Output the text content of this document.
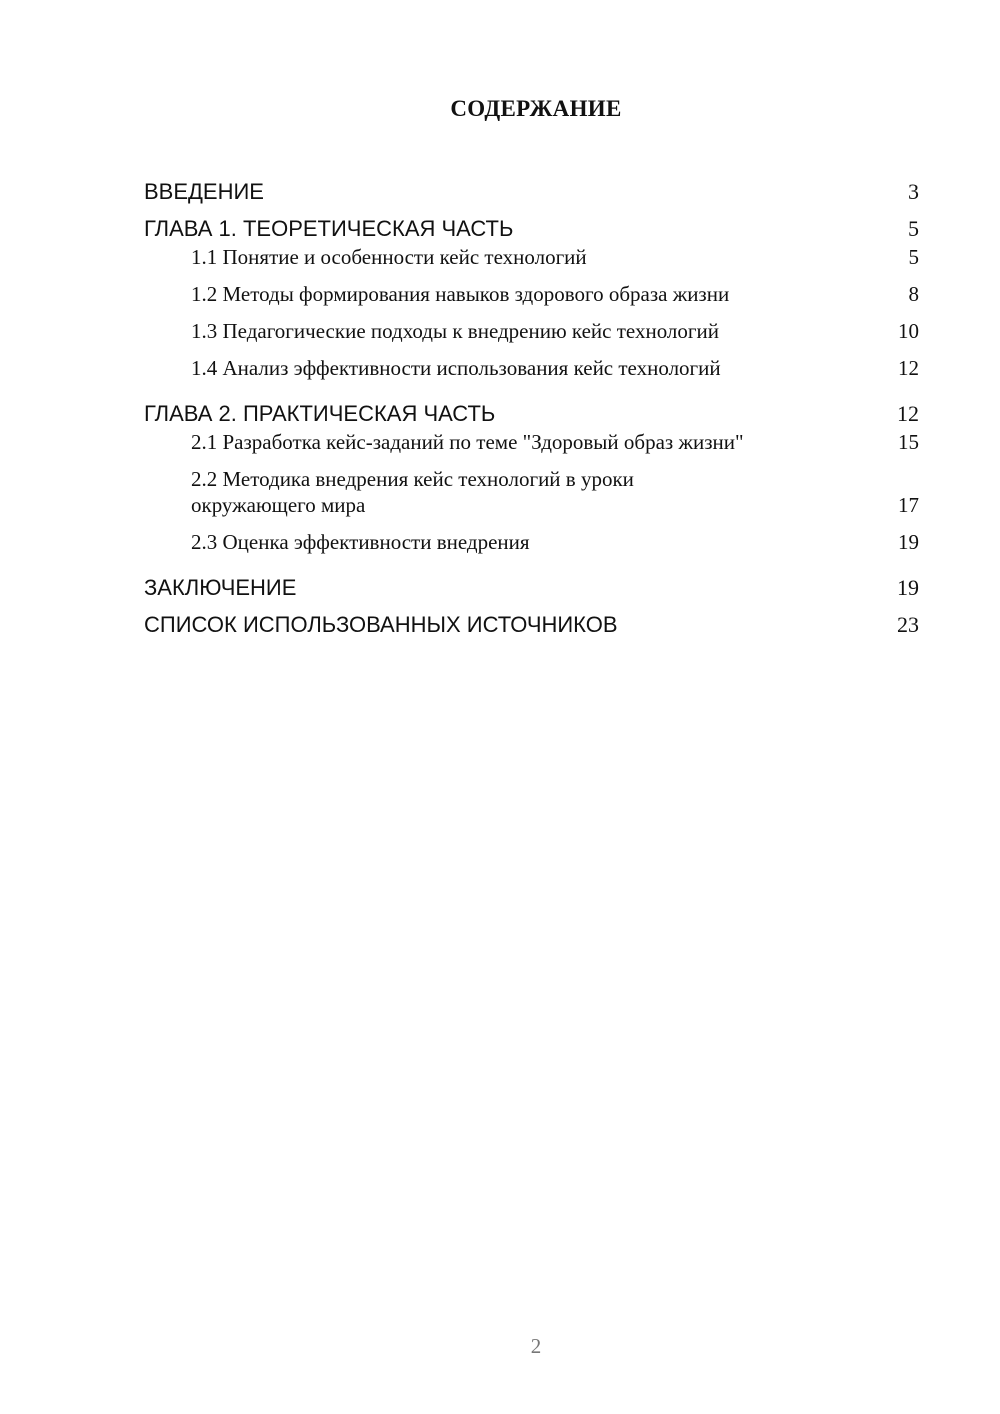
СОДЕРЖАНИЕ
ВВЕДЕНИЕ	3
ГЛАВА 1. ТЕОРЕТИЧЕСКАЯ ЧАСТЬ	5
1.1 Понятие и особенности кейс технологий	5
1.2 Методы формирования навыков здорового образа жизни	8
1.3 Педагогические подходы к внедрению кейс технологий	10
1.4 Анализ эффективности использования кейс технологий	12
ГЛАВА 2. ПРАКТИЧЕСКАЯ ЧАСТЬ	12
2.1 Разработка кейс-заданий по теме "Здоровый образ жизни"	15
2.2 Методика внедрения кейс технологий в уроки окружающего мира	17
2.3 Оценка эффективности внедрения	19
ЗАКЛЮЧЕНИЕ	19
СПИСОК ИСПОЛЬЗОВАННЫХ ИСТОЧНИКОВ	23
2
